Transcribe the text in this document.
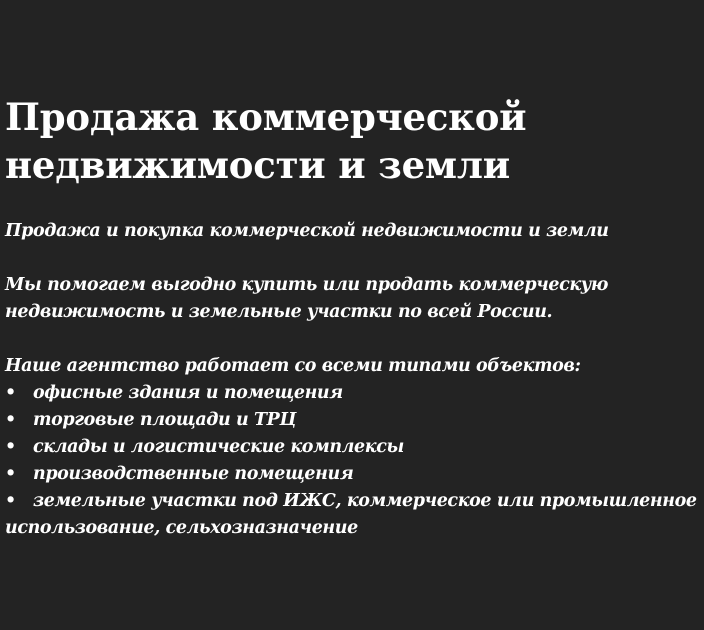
Продажа коммерческой недвижимости и земли

Продажа и покупка коммерческой недвижимости и земли

Мы помогаем выгодно купить или продать коммерческую недвижимость и земельные участки по всей России.

Наше агентство работает со всеми типами объектов:

• офисные здания и помещения
• торговые площади и ТРЦ
• склады и логистические комплексы
• производственные помещения
• земельные участки под ИЖС, коммерческое или промышленное использование, сельхозназначение
